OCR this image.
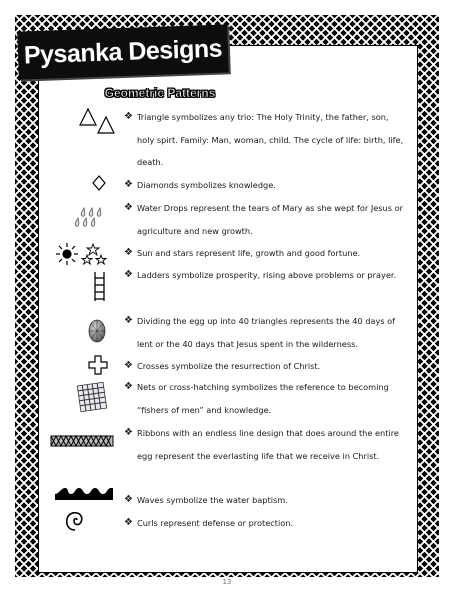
Pysanka Designs
Geometric Patterns
❖ Triangle symbolizes any trio: The Holy Trinity, the father, son, holy spirt. Family: Man, woman, child. The cycle of life: birth, life, death.
❖ Diamonds symbolizes knowledge.
❖ Water Drops represent the tears of Mary as she wept for Jesus or agriculture and new growth.
❖ Sun and stars represent life, growth and good fortune.
❖ Ladders symbolize prosperity, rising above problems or prayer.
❖ Dividing the egg up into 40 triangles represents the 40 days of lent or the 40 days that Jesus spent in the wilderness.
❖ Crosses symbolize the resurrection of Christ.
❖ Nets or cross-hatching symbolizes the reference to becoming “fishers of men” and knowledge.
❖ Ribbons with an endless line design that does around the entire egg represent the everlasting life that we receive in Christ.
❖ Waves symbolize the water baptism.
❖ Curls represent defense or protection.
13
